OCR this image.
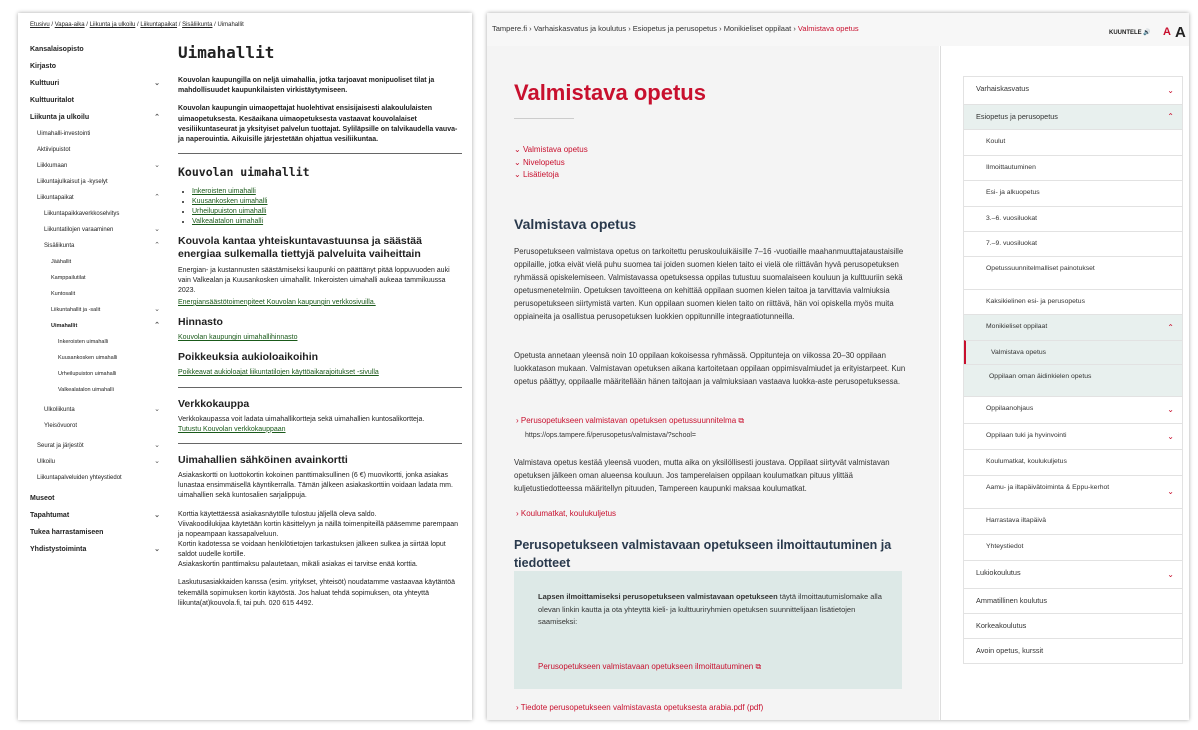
Etusivu / Vapaa-aika / Liikunta ja ulkoilu / Liikuntapaikat / Sisäliikunta / Uimahallit
Kansalaisopisto
Kirjasto
Kulttuuri	⌄
Kulttuuritalot
Liikunta ja ulkoilu	⌃
Uimahalli-investointi
Aktiivipuistot
Liikkumaan	⌄
Liikuntajulkaisut ja -kyselyt
Liikuntapaikat	⌃
Liikuntapaikkaverkkoselvitys
Liikuntatilojen varaaminen	⌄
Sisäliikunta	⌃
Jäähallit
Kamppailutilat
Kuntosalit
Liikuntahallit ja -salit	⌄
Uimahallit	⌃
Inkeroisten uimahalli
Kuusankosken uimahalli
Urheilupuiston uimahalli
Valkealatalon uimahalli
Ulkoliikunta	⌄
Yleisövuorot
Seurat ja järjestöt	⌄
Ulkoilu	⌄
Liikuntapalveluiden yhteystiedot
Museot
Tapahtumat	⌄
Tukea harrastamiseen
Yhdistystoiminta	⌄
Uimahallit

Kouvolan kaupungilla on neljä uimahallia, jotka tarjoavat monipuoliset tilat ja mahdollisuudet kaupunkilaisten virkistäytymiseen.

Kouvolan kaupungin uimaopettajat huolehtivat ensisijaisesti alakoululaisten uimaopetuksesta. Kesäaikana uimaopetuksesta vastaavat kouvolalaiset vesiliikuntaseurat ja yksityiset palvelun tuottajat. Syliläpsille on talvikaudella vauva- ja naperouintia. Aikuisille järjestetään ohjattua vesiliikuntaa.

Kouvolan uimahallit
• Inkeroisten uimahalli
• Kuusankosken uimahalli
• Urheilupuiston uimahalli
• Valkealatalon uimahalli
Kouvola kantaa yhteiskuntavastuunsa ja säästää energiaa sulkemalla tiettyjä palveluita vaiheittain

Energian- ja kustannusten säästämiseksi kaupunki on päättänyt pitää loppuvuoden auki vain Valkealan ja Kuusankosken uimahallit. Inkeroisten uimahalli aukeaa tammikuussa 2023.

Energiansäästötoimenpiteet Kouvolan kaupungin verkkosivuilla.

Hinnasto

Kouvolan kaupungin uimahallihinnasto

Poikkeuksia aukioloaikoihin

Poikkeavat aukioloajat liikuntatilojen käyttöaikarajoitukset -sivulla

Verkkokauppa

Verkkokaupassa voit ladata uimahallikortteja sekä uimahallien kuntosalikortteja.

Tutustu Kouvolan verkkokauppaan

Uimahallien sähköinen avainkortti

Asiakaskortti on luottokortin kokoinen panttimaksullinen (6 €) muovikortti, jonka asiakas lunastaa ensimmäisellä käyntikerralla. Tämän jälkeen asiakaskorttiin voidaan ladata mm. uimahallien sekä kuntosalien sarjalippuja.

Korttia käytettäessä asiakasnäytölle tulostuu jäljellä oleva saldo.

Viivakoodilukijaa käytetään kortin käsittelyyn ja näillä toimenpiteillä pääsemme parempaan ja nopeampaan kassapalveluun.

Kortin kadotessa se voidaan henkilötietojen tarkastuksen jälkeen sulkea ja siirtää loput saldot uudelle kortille.

Asiakaskortin panttimaksu palautetaan, mikäli asiakas ei tarvitse enää korttia.

Laskutusasiakkaiden kanssa (esim. yritykset, yhteisöt) noudatamme vastaavaa käytäntöä tekemällä sopimuksen kortin käytöstä. Jos haluat tehdä sopimuksen, ota yhteyttä liikunta(at)kouvola.fi, tai puh. 020 615 4492.

Tampere.fi › Varhaiskasvatus ja koulutus › Esiopetus ja perusopetus › Monikieliset oppilaat › Valmistava opetus	KUUNTELE 🔊 A A
Valmistava opetus
⌄ Valmistava opetus
⌄ Nivelopetus
⌄ Lisätietoja
Valmistava opetus

Perusopetukseen valmistava opetus on tarkoitettu peruskouluikäisille 7–16 -vuotiaille maahanmuuttajataustaisille oppilaille, jotka eivät vielä puhu suomea tai joiden suomen kielen taito ei vielä ole riittävän hyvä perusopetuksen ryhmässä opiskelemiseen. Valmistavassa opetuksessa oppilas tutustuu suomalaiseen kouluun ja kulttuuriin sekä opetusmenetelmiin. Opetuksen tavoitteena on kehittää oppilaan suomen kielen taitoa ja tarvittavia valmiuksia perusopetukseen siirtymistä varten. Kun oppilaan suomen kielen taito on riittävä, hän voi opiskella myös muita oppiaineita ja osallistua perusopetuksen luokkien oppitunnille integraatiotunneilla.

Opetusta annetaan yleensä noin 10 oppilaan kokoisessa ryhmässä. Oppitunteja on viikossa 20–30 oppilaan luokkatason mukaan. Valmistavan opetuksen aikana kartoitetaan oppilaan oppimisvalmiudet ja erityistarpeet. Kun opetus päättyy, oppilaalle määritellään hänen taitojaan ja valmiuksiaan vastaava luokka-aste perusopetuksessa.

› Perusopetukseen valmistavan opetuksen opetussuunnitelma ⧉
https://ops.tampere.fi/perusopetus/valmistava/?school=

Valmistava opetus kestää yleensä vuoden, mutta aika on yksilöllisesti joustava. Oppilaat siirtyvät valmistavan opetuksen jälkeen oman alueensa kouluun. Jos tamperelaisen oppilaan koulumatkan pituus ylittää kuljetustiedotteessa määritellyn pituuden, Tampereen kaupunki maksaa koulumatkat.

› Koulumatkat, koulukuljetus
Perusopetukseen valmistavaan opetukseen ilmoittautuminen ja tiedotteet

Lapsen ilmoittamiseksi perusopetukseen valmistavaan opetukseen täytä ilmoittautumislomake alla olevan linkin kautta ja ota yhteyttä kieli- ja kulttuuriryhmien opetuksen suunnittelijaan lisätietojen saamiseksi:

Perusopetukseen valmistavaan opetukseen ilmoittautuminen ⧉
› Tiedote perusopetukseen valmistavasta opetuksesta arabia.pdf (pdf)
Varhaiskasvatus	⌄
Esiopetus ja perusopetus	⌃
Koulut
Ilmoittautuminen
Esi- ja alkuopetus
3.–6. vuosiluokat
7.–9. vuosiluokat
Opetussuunnitelmalliset painotukset
Kaksikielinen esi- ja perusopetus
Monikieliset oppilaat	⌃
Valmistava opetus
Oppilaan oman äidinkielen opetus
Oppilaanohjaus	⌄
Oppilaan tuki ja hyvinvointi	⌄
Koulumatkat, koulukuljetus
Aamu- ja iltapäivätoiminta & Eppu-kerhot	⌄
Harrastava iltapäivä
Yhteystiedot
Lukiokoulutus	⌄
Ammatillinen koulutus
Korkeakoulutus
Avoin opetus, kurssit
